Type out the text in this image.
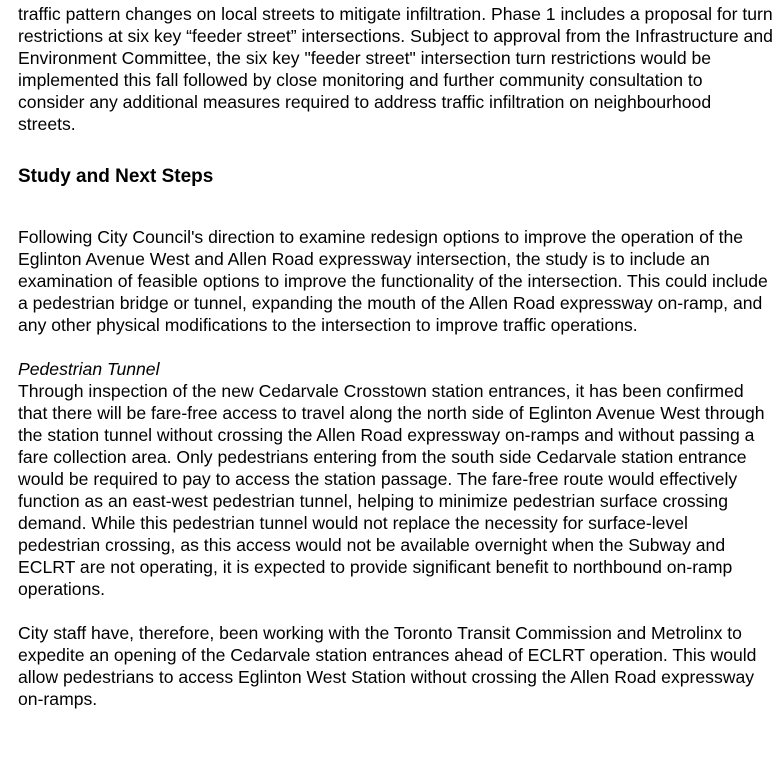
traffic pattern changes on local streets to mitigate infiltration. Phase 1 includes a proposal for turn restrictions at six key “feeder street” intersections. Subject to approval from the Infrastructure and Environment Committee, the six key "feeder street" intersection turn restrictions would be implemented this fall followed by close monitoring and further community consultation to consider any additional measures required to address traffic infiltration on neighbourhood streets.

Study and Next Steps

Following City Council's direction to examine redesign options to improve the operation of the Eglinton Avenue West and Allen Road expressway intersection, the study is to include an examination of feasible options to improve the functionality of the intersection. This could include a pedestrian bridge or tunnel, expanding the mouth of the Allen Road expressway on-ramp, and any other physical modifications to the intersection to improve traffic operations.

Pedestrian Tunnel

Through inspection of the new Cedarvale Crosstown station entrances, it has been confirmed that there will be fare-free access to travel along the north side of Eglinton Avenue West through the station tunnel without crossing the Allen Road expressway on-ramps and without passing a fare collection area. Only pedestrians entering from the south side Cedarvale station entrance would be required to pay to access the station passage. The fare-free route would effectively function as an east-west pedestrian tunnel, helping to minimize pedestrian surface crossing demand. While this pedestrian tunnel would not replace the necessity for surface-level pedestrian crossing, as this access would not be available overnight when the Subway and ECLRT are not operating, it is expected to provide significant benefit to northbound on-ramp operations.

City staff have, therefore, been working with the Toronto Transit Commission and Metrolinx to expedite an opening of the Cedarvale station entrances ahead of ECLRT operation. This would allow pedestrians to access Eglinton West Station without crossing the Allen Road expressway on-ramps.
